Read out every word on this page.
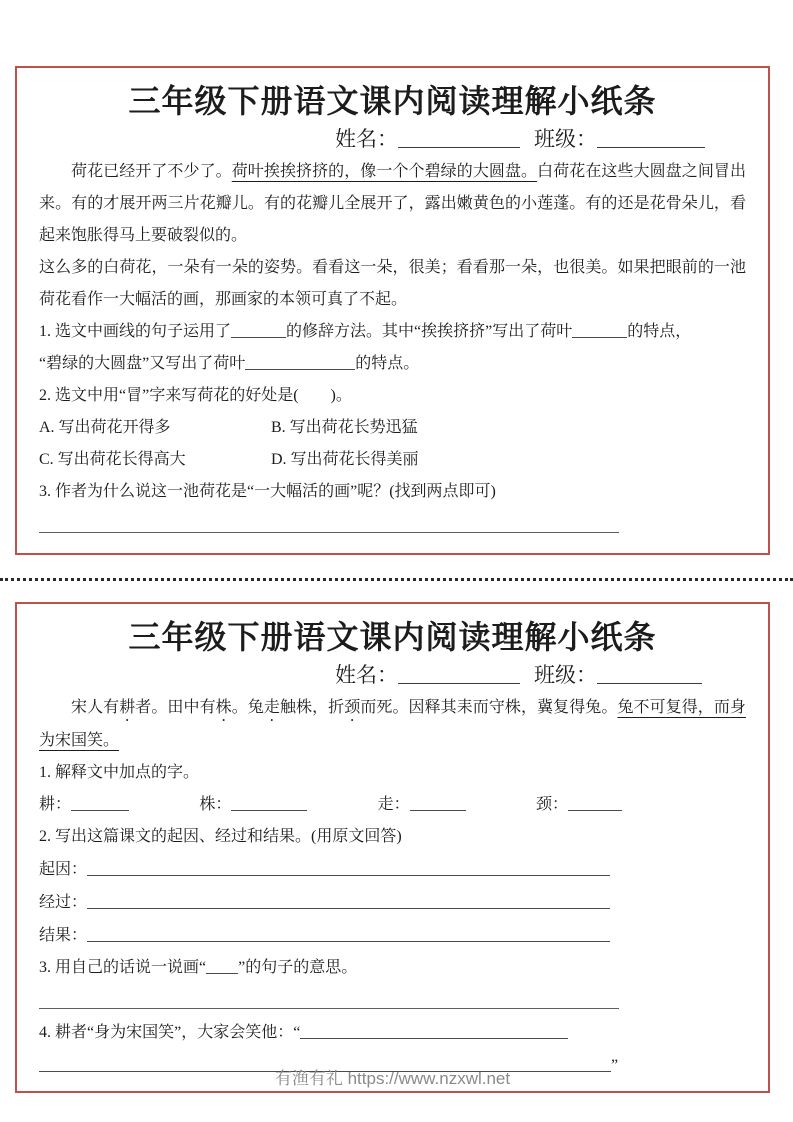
三年级下册语文课内阅读理解小纸条
姓名：	班级：
荷花已经开了不少了。荷叶挨挨挤挤的，像一个个碧绿的大圆盘。白荷花在这些大圆盘之间冒出来。有的才展开两三片花瓣儿。有的花瓣儿全展开了，露出嫩黄色的小莲蓬。有的还是花骨朵儿，看起来饱胀得马上要破裂似的。
这么多的白荷花，一朵有一朵的姿势。看看这一朵，很美；看看那一朵，也很美。如果把眼前的一池荷花看作一大幅活的画，那画家的本领可真了不起。
1. 选文中画线的句子运用了	的修辞方法。其中“挨挨挤挤”写出了荷叶	的特点，
“碧绿的大圆盘”又写出了荷叶	的特点。
2. 选文中用“冒”字来写荷花的好处是(　　)。
A. 写出荷花开得多	B. 写出荷花长势迅猛
C. 写出荷花长得高大	D. 写出荷花长得美丽
3. 作者为什么说这一池荷花是“一大幅活的画”呢？(找到两点即可)
三年级下册语文课内阅读理解小纸条
姓名：	班级：
宋人有耕者。田中有株。兔走触株，折颈而死。因释其耒而守株，冀复得兔。兔不可复得，而身为宋国笑。
1. 解释文中加点的字。
耕：	株：	走：	颈：
2. 写出这篇课文的起因、经过和结果。(用原文回答)
起因：
经过：
结果：
3. 用自己的话说一说画“ ”的句子的意思。
4. 耕者“身为宋国笑”，大家会笑他：“
”
有渔有礼 https://www.nzxwl.net
